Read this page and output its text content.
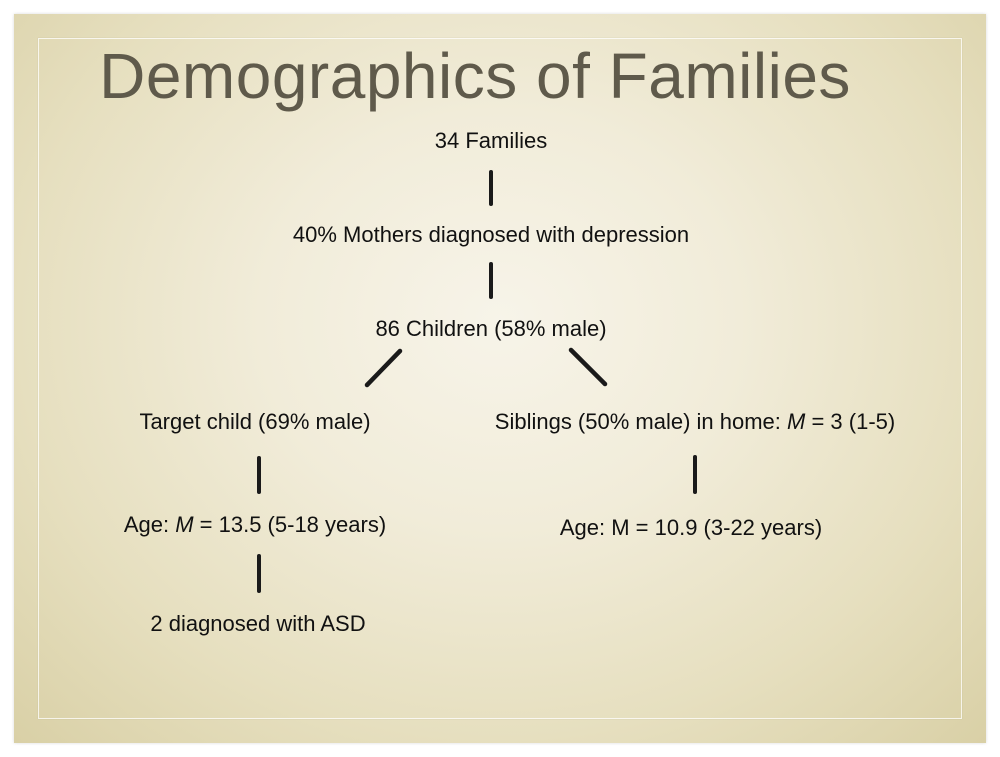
Demographics of Families
34 Families
40% Mothers diagnosed with depression
86 Children (58% male)
Target child (69% male)	Siblings (50% male) in home: M = 3 (1-5)
Age: M = 13.5 (5-18 years)	Age: M = 10.9 (3-22 years)
2 diagnosed with ASD
